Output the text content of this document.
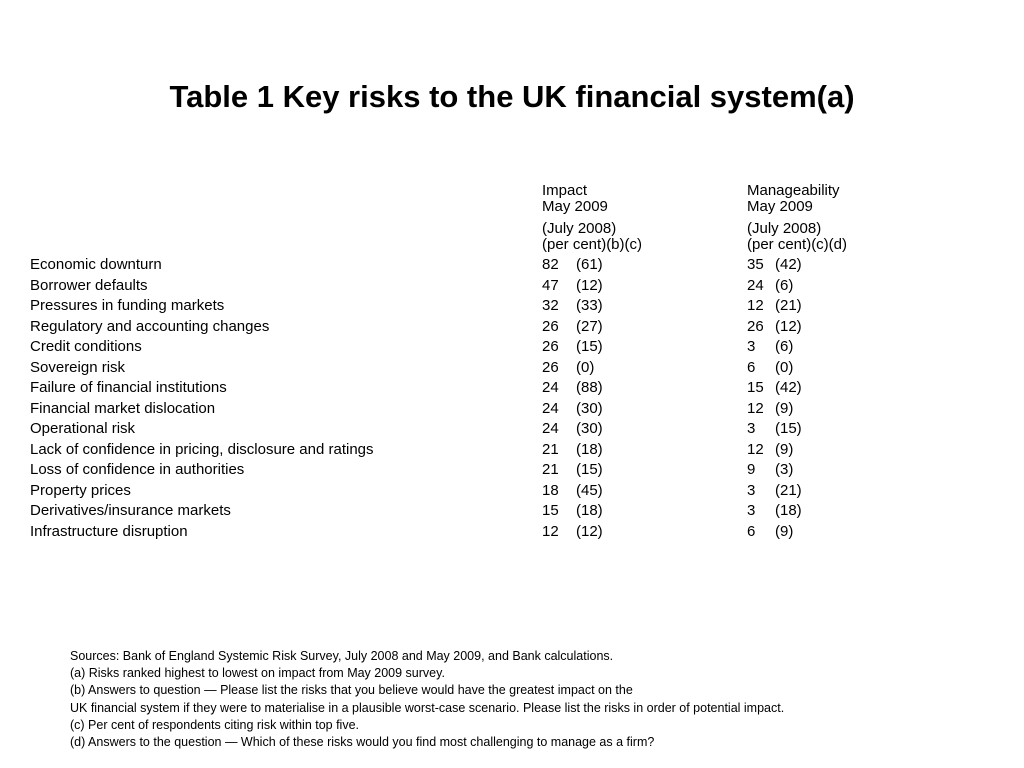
Table 1 Key risks to the UK financial system(a)
Impact
May 2009
(July 2008)
(per cent)(b)(c)
Manageability
May 2009
(July 2008)
(per cent)(c)(d)
Economic downturn	82 (61)	35 (42)
Borrower defaults	47 (12)	24 (6)
Pressures in funding markets	32 (33)	12 (21)
Regulatory and accounting changes	26 (27)	26 (12)
Credit conditions	26 (15)	3 (6)
Sovereign risk	26 (0)	6 (0)
Failure of financial institutions	24 (88)	15 (42)
Financial market dislocation	24 (30)	12 (9)
Operational risk	24 (30)	3 (15)
Lack of confidence in pricing, disclosure and ratings	21 (18)	12 (9)
Loss of confidence in authorities	21 (15)	9 (3)
Property prices	18 (45)	3 (21)
Derivatives/insurance markets	15 (18)	3 (18)
Infrastructure disruption	12 (12)	6 (9)
Sources: Bank of England Systemic Risk Survey, July 2008 and May 2009, and Bank calculations.
(a) Risks ranked highest to lowest on impact from May 2009 survey.
(b) Answers to question — Please list the risks that you believe would have the greatest impact on the
UK financial system if they were to materialise in a plausible worst-case scenario. Please list the risks in order of potential impact.
(c) Per cent of respondents citing risk within top five.
(d) Answers to the question — Which of these risks would you find most challenging to manage as a firm?
